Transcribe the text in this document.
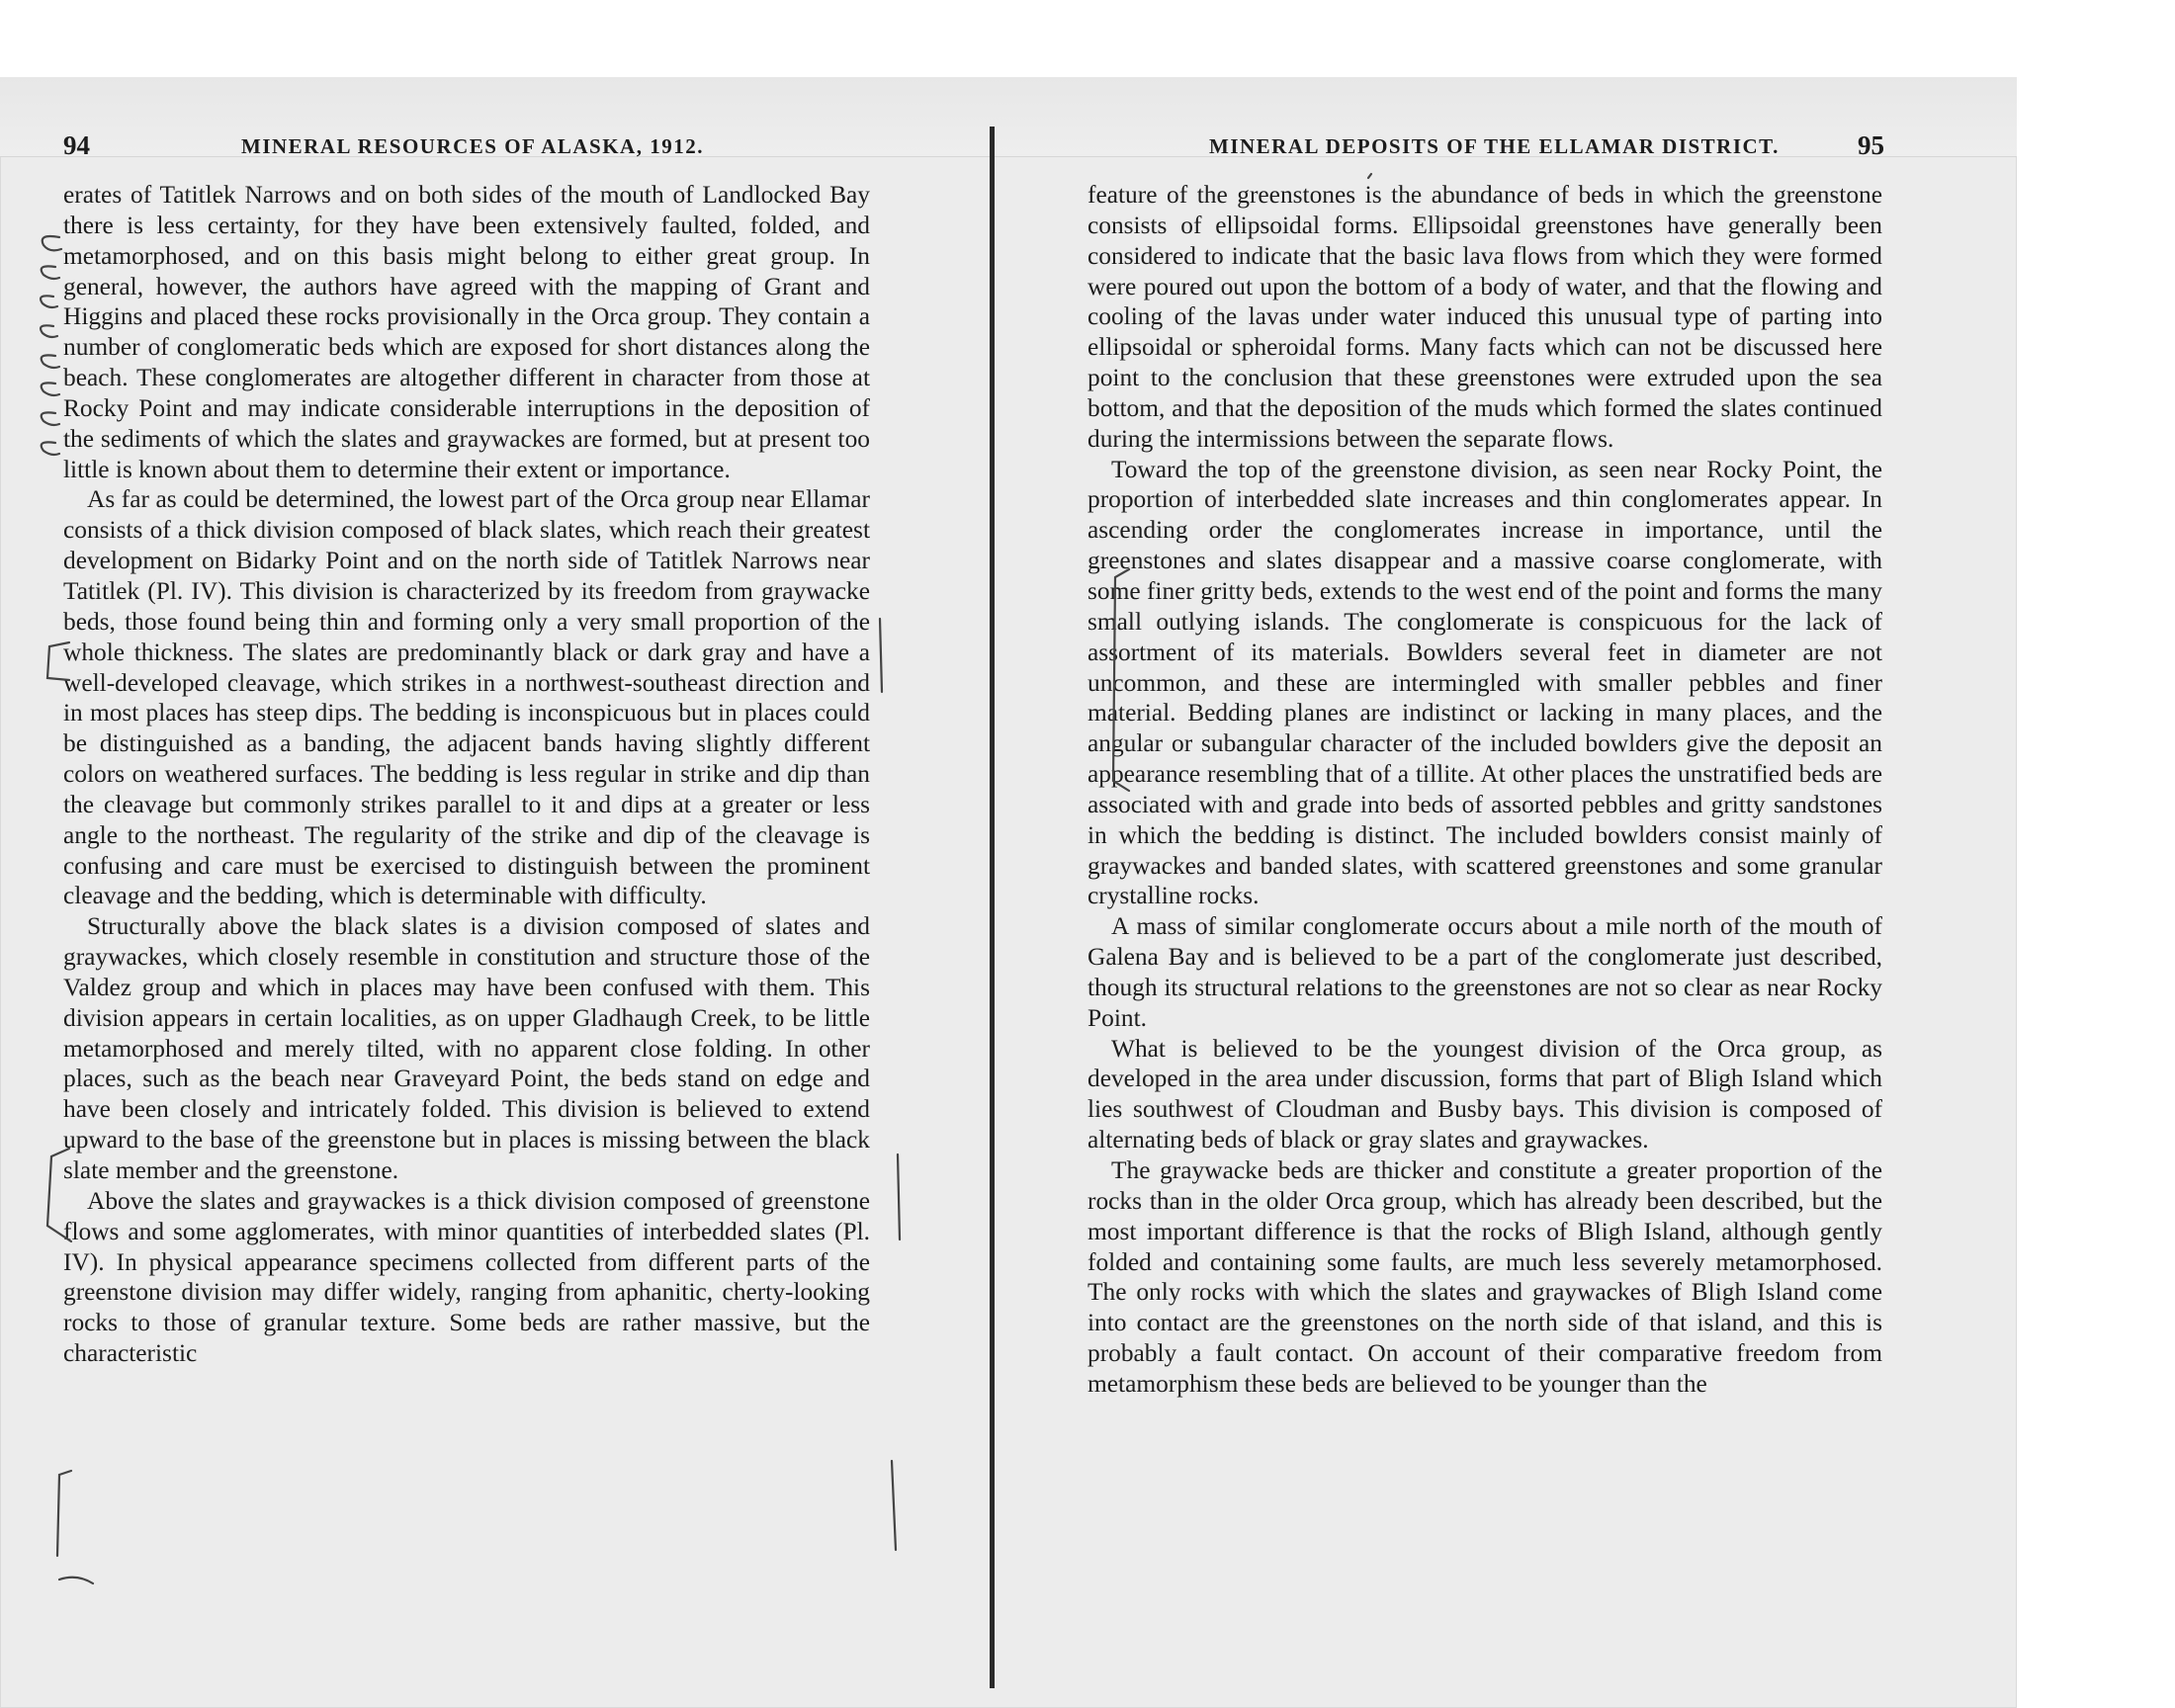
94	MINERAL RESOURCES OF ALASKA, 1912.

erates of Tatitlek Narrows and on both sides of the mouth of Landlocked Bay there is less certainty, for they have been extensively faulted, folded, and metamorphosed, and on this basis might belong to either great group. In general, however, the authors have agreed with the mapping of Grant and Higgins and placed these rocks provisionally in the Orca group. They contain a number of conglomeratic beds which are exposed for short distances along the beach. These conglomerates are altogether different in character from those at Rocky Point and may indicate considerable interruptions in the deposition of the sediments of which the slates and graywackes are formed, but at present too little is known about them to determine their extent or importance.

As far as could be determined, the lowest part of the Orca group near Ellamar consists of a thick division composed of black slates, which reach their greatest development on Bidarky Point and on the north side of Tatitlek Narrows near Tatitlek (Pl. IV). This division is characterized by its freedom from graywacke beds, those found being thin and forming only a very small proportion of the whole thickness. The slates are predominantly black or dark gray and have a well-developed cleavage, which strikes in a northwest-southeast direction and in most places has steep dips. The bedding is inconspicuous but in places could be distinguished as a banding, the adjacent bands having slightly different colors on weathered surfaces. The bedding is less regular in strike and dip than the cleavage but commonly strikes parallel to it and dips at a greater or less angle to the northeast. The regularity of the strike and dip of the cleavage is confusing and care must be exercised to distinguish between the prominent cleavage and the bedding, which is determinable with difficulty.

Structurally above the black slates is a division composed of slates and graywackes, which closely resemble in constitution and structure those of the Valdez group and which in places may have been confused with them. This division appears in certain localities, as on upper Gladhaugh Creek, to be little metamorphosed and merely tilted, with no apparent close folding. In other places, such as the beach near Graveyard Point, the beds stand on edge and have been closely and intricately folded. This division is believed to extend upward to the base of the greenstone but in places is missing between the black slate member and the greenstone.

Above the slates and graywackes is a thick division composed of greenstone flows and some agglomerates, with minor quantities of interbedded slates (Pl. IV). In physical appearance specimens collected from different parts of the greenstone division may differ widely, ranging from aphanitic, cherty-looking rocks to those of granular texture. Some beds are rather massive, but the characteristic

MINERAL DEPOSITS OF THE ELLAMAR DISTRICT.	95

feature of the greenstones is the abundance of beds in which the greenstone consists of ellipsoidal forms. Ellipsoidal greenstones have generally been considered to indicate that the basic lava flows from which they were formed were poured out upon the bottom of a body of water, and that the flowing and cooling of the lavas under water induced this unusual type of parting into ellipsoidal or spheroidal forms. Many facts which can not be discussed here point to the conclusion that these greenstones were extruded upon the sea bottom, and that the deposition of the muds which formed the slates continued during the intermissions between the separate flows.

Toward the top of the greenstone division, as seen near Rocky Point, the proportion of interbedded slate increases and thin conglomerates appear. In ascending order the conglomerates increase in importance, until the greenstones and slates disappear and a massive coarse conglomerate, with some finer gritty beds, extends to the west end of the point and forms the many small outlying islands. The conglomerate is conspicuous for the lack of assortment of its materials. Bowlders several feet in diameter are not uncommon, and these are intermingled with smaller pebbles and finer material. Bedding planes are indistinct or lacking in many places, and the angular or subangular character of the included bowlders give the deposit an appearance resembling that of a tillite. At other places the unstratified beds are associated with and grade into beds of assorted pebbles and gritty sandstones in which the bedding is distinct. The included bowlders consist mainly of graywackes and banded slates, with scattered greenstones and some granular crystalline rocks.

A mass of similar conglomerate occurs about a mile north of the mouth of Galena Bay and is believed to be a part of the conglomerate just described, though its structural relations to the greenstones are not so clear as near Rocky Point.

What is believed to be the youngest division of the Orca group, as developed in the area under discussion, forms that part of Bligh Island which lies southwest of Cloudman and Busby bays. This division is composed of alternating beds of black or gray slates and graywackes.

The graywacke beds are thicker and constitute a greater proportion of the rocks than in the older Orca group, which has already been described, but the most important difference is that the rocks of Bligh Island, although gently folded and containing some faults, are much less severely metamorphosed. The only rocks with which the slates and graywackes of Bligh Island come into contact are the greenstones on the north side of that island, and this is probably a fault contact. On account of their comparative freedom from metamorphism these beds are believed to be younger than the
